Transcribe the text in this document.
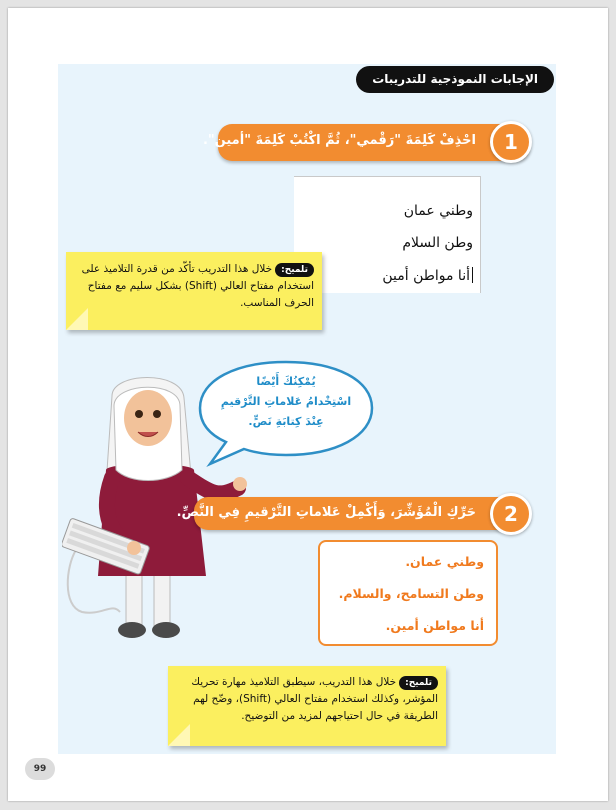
الإجابات النموذجية للتدريبات
1
احْذِفْ كَلِمَةَ "رَقْمي"، ثُمَّ اكْتُبْ كَلِمَةَ "أمين".
وطني عمان
وطن السلام
أنا مواطن أمين
تلميح:خلال هذا التدريب تأكّد من قدرة التلاميذ على استخدام مفتاح العالي (Shift) بشكل سليم مع مفتاح الحرف المناسب.
يُمْكِنُكَ أَيْضًا
اسْتِخْدامُ عَلاماتِ التَّرْقيمِ
عِنْدَ كِتابَةِ نَصٍّ.
2
حَرِّكِ الْمُؤَشِّرَ، وَأَكْمِلْ عَلاماتِ التَّرْقيمِ فِي النَّصِّ.
وطني عمان.
وطن التسامح، والسلام.
أنا مواطن أمين.
تلميح:خلال هذا التدريب، سيطبق التلاميذ مهارة تحريك المؤشر، وكذلك استخدام مفتاح العالي (Shift)، وضّح لهم الطريقة في حال احتياجهم لمزيد من التوضيح.
99
